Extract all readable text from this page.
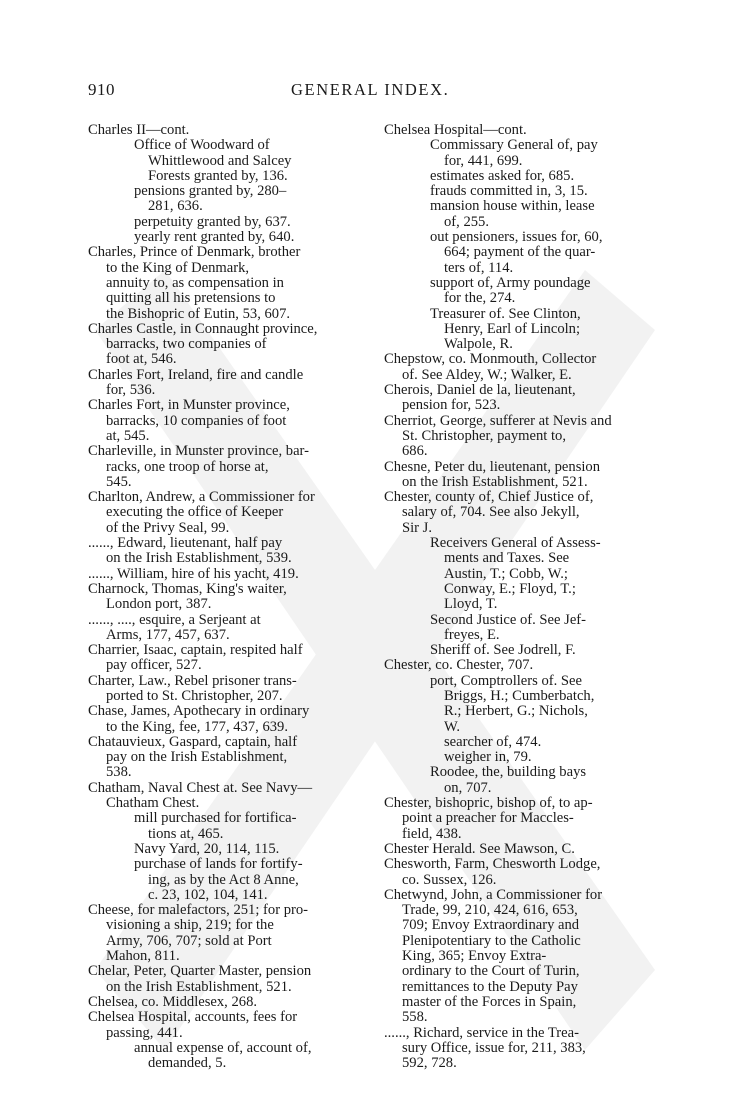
910	GENERAL INDEX.
Charles II—cont.
Office of Woodward of
Whittlewood and Salcey
Forests granted by, 136.
pensions granted by, 280–
281, 636.
perpetuity granted by, 637.
yearly rent granted by, 640.
Charles, Prince of Denmark, brother
to the King of Denmark,
annuity to, as compensation in
quitting all his pretensions to
the Bishopric of Eutin, 53, 607.
Charles Castle, in Connaught province,
barracks, two companies of
foot at, 546.
Charles Fort, Ireland, fire and candle
for, 536.
Charles Fort, in Munster province,
barracks, 10 companies of foot
at, 545.
Charleville, in Munster province, bar-
racks, one troop of horse at,
545.
Charlton, Andrew, a Commissioner for
executing the office of Keeper
of the Privy Seal, 99.
......, Edward, lieutenant, half pay
on the Irish Establishment, 539.
......, William, hire of his yacht, 419.
Charnock, Thomas, King's waiter,
London port, 387.
......, ...., esquire, a Serjeant at
Arms, 177, 457, 637.
Charrier, Isaac, captain, respited half
pay officer, 527.
Charter, Law., Rebel prisoner trans-
ported to St. Christopher, 207.
Chase, James, Apothecary in ordinary
to the King, fee, 177, 437, 639.
Chatauvieux, Gaspard, captain, half
pay on the Irish Establishment,
538.
Chatham, Naval Chest at. See Navy—
Chatham Chest.
mill purchased for fortifica-
tions at, 465.
Navy Yard, 20, 114, 115.
purchase of lands for fortify-
ing, as by the Act 8 Anne,
c. 23, 102, 104, 141.
Cheese, for malefactors, 251; for pro-
visioning a ship, 219; for the
Army, 706, 707; sold at Port
Mahon, 811.
Chelar, Peter, Quarter Master, pension
on the Irish Establishment, 521.
Chelsea, co. Middlesex, 268.
Chelsea Hospital, accounts, fees for
passing, 441.
annual expense of, account of,
demanded, 5.
Chelsea Hospital—cont.
Commissary General of, pay
for, 441, 699.
estimates asked for, 685.
frauds committed in, 3, 15.
mansion house within, lease
of, 255.
out pensioners, issues for, 60,
664; payment of the quar-
ters of, 114.
support of, Army poundage
for the, 274.
Treasurer of. See Clinton,
Henry, Earl of Lincoln;
Walpole, R.
Chepstow, co. Monmouth, Collector
of. See Aldey, W.; Walker, E.
Cherois, Daniel de la, lieutenant,
pension for, 523.
Cherriot, George, sufferer at Nevis and
St. Christopher, payment to,
686.
Chesne, Peter du, lieutenant, pension
on the Irish Establishment, 521.
Chester, county of, Chief Justice of,
salary of, 704. See also Jekyll,
Sir J.
Receivers General of Assess-
ments and Taxes. See
Austin, T.; Cobb, W.;
Conway, E.; Floyd, T.;
Lloyd, T.
Second Justice of. See Jef-
freyes, E.
Sheriff of. See Jodrell, F.
Chester, co. Chester, 707.
port, Comptrollers of. See
Briggs, H.; Cumberbatch,
R.; Herbert, G.; Nichols,
W.
searcher of, 474.
weigher in, 79.
Roodee, the, building bays
on, 707.
Chester, bishopric, bishop of, to ap-
point a preacher for Maccles-
field, 438.
Chester Herald. See Mawson, C.
Chesworth, Farm, Chesworth Lodge,
co. Sussex, 126.
Chetwynd, John, a Commissioner for
Trade, 99, 210, 424, 616, 653,
709; Envoy Extraordinary and
Plenipotentiary to the Catholic
King, 365; Envoy Extra-
ordinary to the Court of Turin,
remittances to the Deputy Pay
master of the Forces in Spain,
558.
......, Richard, service in the Trea-
sury Office, issue for, 211, 383,
592, 728.
